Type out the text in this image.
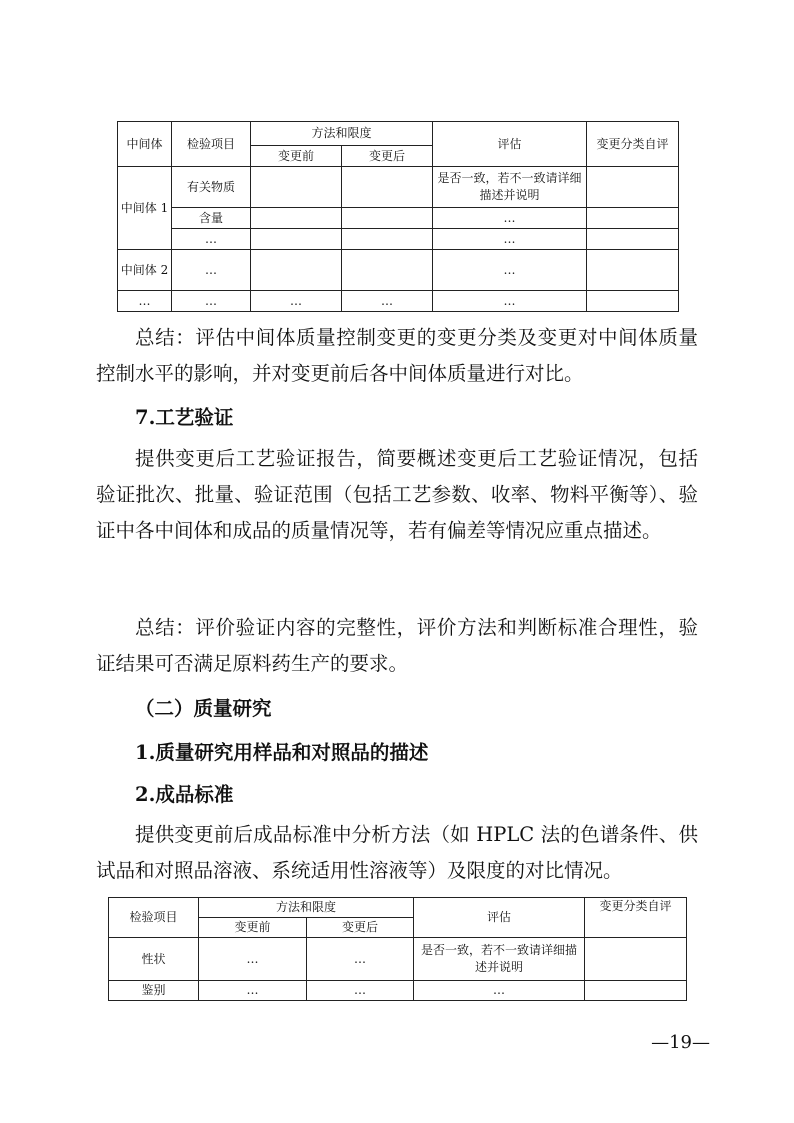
中间体	检验项目	方法和限度		评估	变更分类自评
		变更前	变更后		
中间体 1	有关物质			是否一致，若不一致请详细描述并说明	
	含量			…	
	…			…	
中间体 2	…			…	
…	…	…	…	…	

总结：评估中间体质量控制变更的变更分类及变更对中间体质量控制水平的影响，并对变更前后各中间体质量进行对比。

7.工艺验证

提供变更后工艺验证报告，简要概述变更后工艺验证情况，包括验证批次、批量、验证范围（包括工艺参数、收率、物料平衡等）、验证中各中间体和成品的质量情况等，若有偏差等情况应重点描述。

总结：评价验证内容的完整性，评价方法和判断标准合理性，验证结果可否满足原料药生产的要求。

（二）质量研究

1.质量研究用样品和对照品的描述

2.成品标准

提供变更前后成品标准中分析方法（如 HPLC 法的色谱条件、供试品和对照品溶液、系统适用性溶液等）及限度的对比情况。

检验项目	方法和限度		评估	变更分类自评
	变更前	变更后		
性状	…	…	是否一致，若不一致请详细描述并说明	
鉴别	…	…	…	

—19—
